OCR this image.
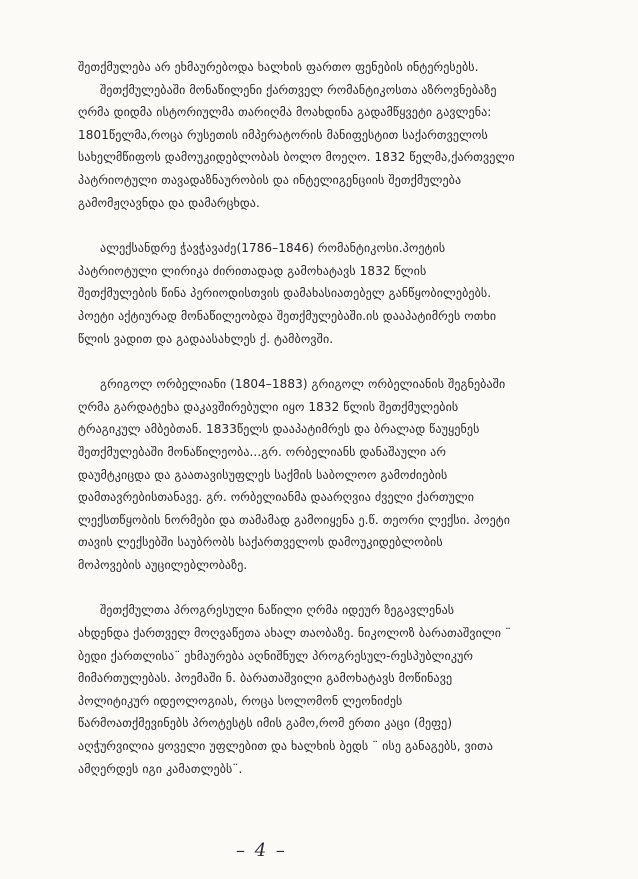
შეთქმულება არ ეხმაურებოდა ხალხის ფართო ფენების ინტერესებს.
შეთქმულებაში მონაწილენი ქართველ რომანტიკოსთა აზროვნებაზე
ღრმა დიდმა ისტორიულმა თარიღმა მოახდინა გადამწყვეტი გავლენა:
1801წელმა,როცა რუსეთის იმპერატორის მანიფესტით საქართველოს
სახელმწიფოს დამოუკიდებლობას ბოლო მოეღო. 1832 წელმა,ქართველი
პატრიოტული თავადაზნაურობის და ინტელიგენციის შეთქმულება
გამომჟღავნდა და დამარცხდა.
ალექსანდრე ჭავჭავაძე(1786–1846) რომანტიკოსი.პოეტის
პატრიოტული ლირიკა ძირითადად გამოხატავს 1832 წლის
შეთქმულების წინა პერიოდისთვის დამახასიათებელ განწყობილებებს.
პოეტი აქტიურად მონაწილეობდა შეთქმულებაში.ის დააპატიმრეს ოთხი
წლის ვადით და გადაასახლეს ქ. ტამბოვში.
გრიგოლ ორბელიანი (1804–1883) გრიგოლ ორბელიანის შეგნებაში
ღრმა გარდატეხა დაკავშირებული იყო 1832 წლის შეთქმულების
ტრაგიკულ ამბებთან. 1833წელს დააპატიმრეს და ბრალად წაუყენეს
შეთქმულებაში მონაწილეობა...გრ. ორბელიანს დანაშაული არ
დაუმტკიცდა და გაათავისუფლეს საქმის საბოლოო გამოძიების
დამთავრებისთანავე. გრ. ორბელიანმა დაარღვია ძველი ქართული
ლექსთწყობის ნორმები და თამამად გამოიყენა ე.წ. თეორი ლექსი. პოეტი
თავის ლექსებში საუბრობს საქართველოს დამოუკიდებლობის
მოპოვების აუცილებლობაზე.
შეთქმულთა პროგრესული ნაწილი ღრმა იდეურ ზეგავლენას
ახდენდა ქართველ მოღვაწეთა ახალ თაობაზე. ნიკოლოზ ბარათაშვილი ¨
ბედი ქართლისა¨ ეხმაურება აღნიშნულ პროგრესულ-რესპუბლიკურ
მიმართულებას. პოემაში ნ. ბარათაშვილი გამოხატავს მოწინავე
პოლიტიკურ იდეოლოგიას, როცა სოლომონ ლეონიძეს
წარმოათქმევინებს პროტესტს იმის გამო,რომ ერთი კაცი (მეფე)
აღჭურვილია ყოველი უფლებით და ხალხის ბედს ¨ ისე განაგებს, ვითა
ამღერდეს იგი კამათლებს¨.
– 4 –
